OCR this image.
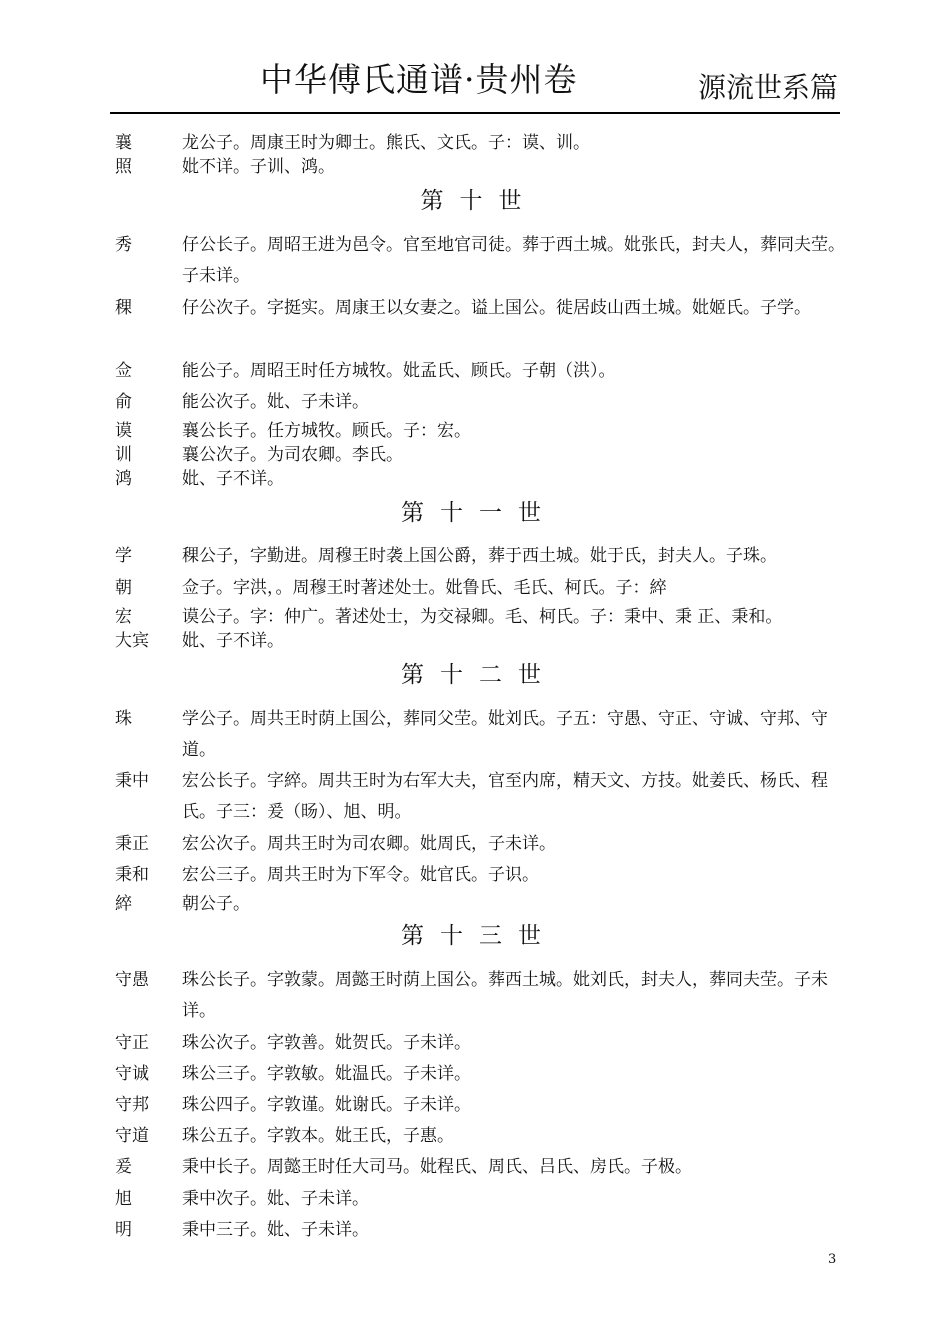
中华傅氏通谱·贵州卷	源流世系篇
襄	龙公子。周康王时为卿士。熊氏、文氏。子：谟、训。
照	妣不详。子训、鸿。
第十世
秀	仔公长子。周昭王进为邑令。官至地官司徒。葬于西土城。妣张氏，封夫人，葬同夫茔。子未详。
稞	仔公次子。字挺实。周康王以女妻之。谥上国公。徙居歧山西土城。妣姬氏。子学。
佥	能公子。周昭王时任方城牧。妣孟氏、顾氏。子朝（洪）。
俞	能公次子。妣、子未详。
谟	襄公长子。任方城牧。顾氏。子：宏。
训	襄公次子。为司农卿。李氏。
鸿	妣、子不详。
第十一世
学	稞公子，字勤进。周穆王时袭上国公爵，葬于西土城。妣于氏，封夫人。子珠。
朝	佥子。字洪，。周穆王时著述处士。妣鲁氏、毛氏、柯氏。子：綷
宏	谟公子。字：仲广。著述处士，为交禄卿。毛、柯氏。子：秉中、秉 正、秉和。
大宾	妣、子不详。
第十二世
珠	学公子。周共王时荫上国公，葬同父茔。妣刘氏。子五：守愚、守正、守诚、守邦、守道。
秉中	宏公长子。字綷。周共王时为右军大夫，官至内席，精天文、方技。妣姜氏、杨氏、程氏。子三：爰（旸）、旭、明。
秉正	宏公次子。周共王时为司农卿。妣周氏，子未详。
秉和	宏公三子。周共王时为下军令。妣官氏。子识。
綷	朝公子。
第十三世
守愚	珠公长子。字敦蒙。周懿王时荫上国公。葬西土城。妣刘氏，封夫人，葬同夫茔。子未详。
守正	珠公次子。字敦善。妣贺氏。子未详。
守诚	珠公三子。字敦敏。妣温氏。子未详。
守邦	珠公四子。字敦谨。妣谢氏。子未详。
守道	珠公五子。字敦本。妣王氏，子惠。
爰	秉中长子。周懿王时任大司马。妣程氏、周氏、吕氏、房氏。子极。
旭	秉中次子。妣、子未详。
明	秉中三子。妣、子未详。
3
